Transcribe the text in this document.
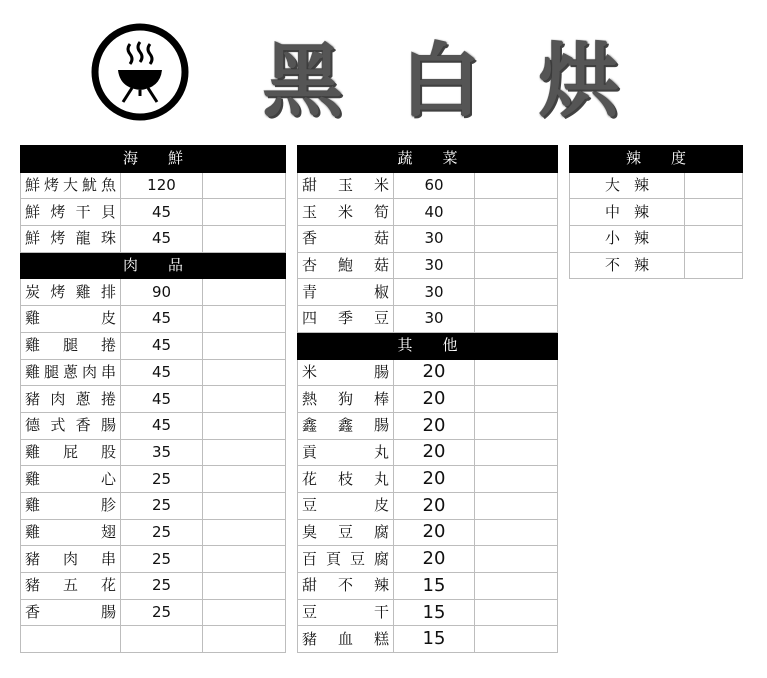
黑 白 烘
海 鮮		

鮮 烤 大 魷 魚	120	

鮮 烤 干 貝	45	

鮮 烤 龍 珠	45	

肉 品		

炭 烤 雞 排	90	

雞 皮	45	

雞 腿 捲	45	

雞 腿 蔥 肉 串	45	

豬 肉 蔥 捲	45	

德 式 香 腸	45	

雞 屁 股	35	

雞 心	25	

雞 胗	25	

雞 翅	25	

豬 肉 串	25	

豬 五 花	25	

香 腸	25	

蔬 菜		

甜 玉 米	60	

玉 米 筍	40	

香 菇	30	

杏 鮑 菇	30	

青 椒	30	

四 季 豆	30	

其 他		

米 腸	20	

熱 狗 棒	20	

鑫 鑫 腸	20	

貢 丸	20	

花 枝 丸	20	

豆 皮	20	

臭 豆 腐	20	

百 頁 豆 腐	20	

甜 不 辣	15	

豆 干	15	

豬 血 糕	15	
辣 度	

大 辣	

中 辣	

小 辣	

不 辣	
